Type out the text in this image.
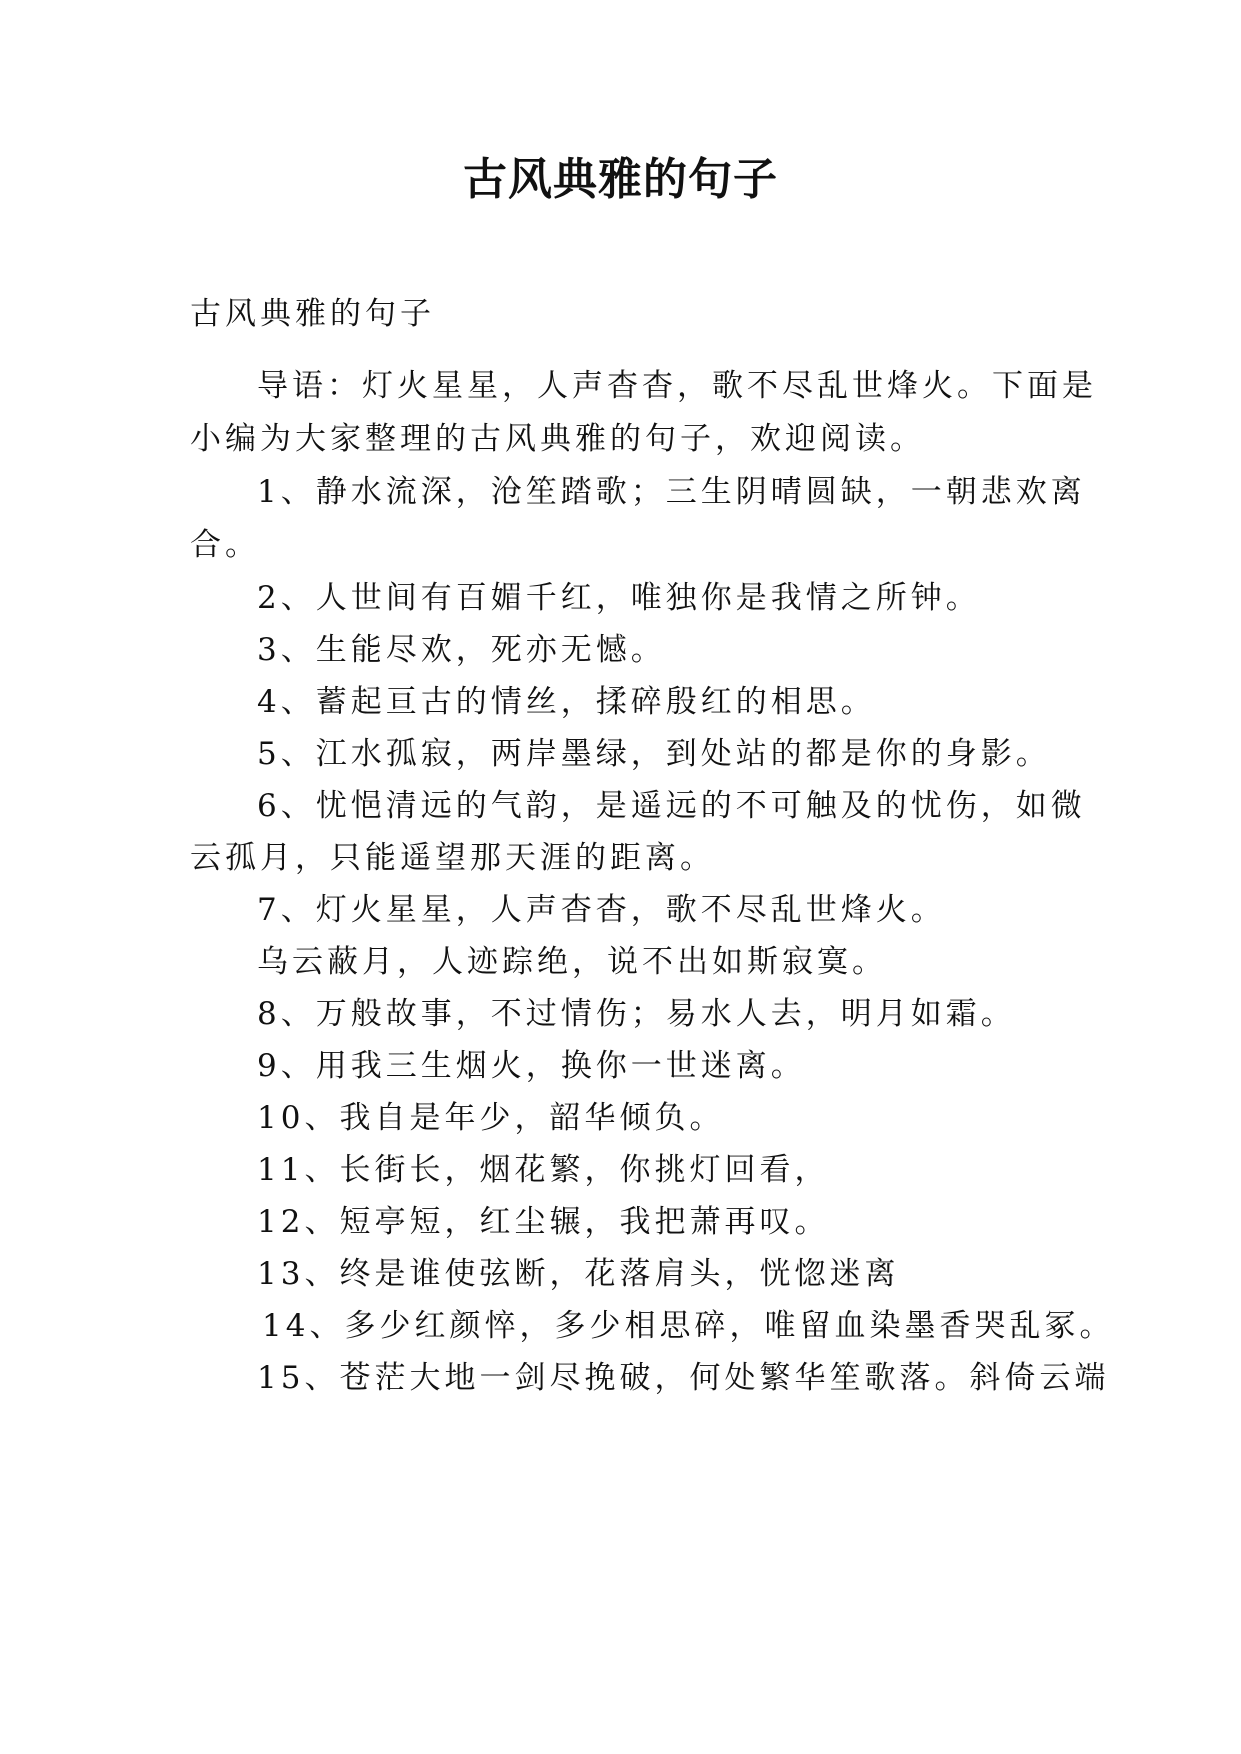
古风典雅的句子

古风典雅的句子

导语：灯火星星，人声杳杳，歌不尽乱世烽火。下面是

小编为大家整理的古风典雅的句子，欢迎阅读。

1、静水流深，沧笙踏歌；三生阴晴圆缺，一朝悲欢离

合。

2、人世间有百媚千红，唯独你是我情之所钟。

3、生能尽欢，死亦无憾。

4、蓄起亘古的情丝，揉碎殷红的相思。

5、江水孤寂，两岸墨绿，到处站的都是你的身影。

6、忧悒清远的气韵，是遥远的不可触及的忧伤，如微

云孤月，只能遥望那天涯的距离。

7、灯火星星，人声杳杳，歌不尽乱世烽火。

乌云蔽月，人迹踪绝，说不出如斯寂寞。

8、万般故事，不过情伤；易水人去，明月如霜。

9、用我三生烟火，换你一世迷离。

10、我自是年少，韶华倾负。

11、长街长，烟花繁，你挑灯回看，

12、短亭短，红尘辗，我把萧再叹。

13、终是谁使弦断，花落肩头，恍惚迷离

14、多少红颜悴，多少相思碎，唯留血染墨香哭乱冢。

15、苍茫大地一剑尽挽破，何处繁华笙歌落。斜倚云端
